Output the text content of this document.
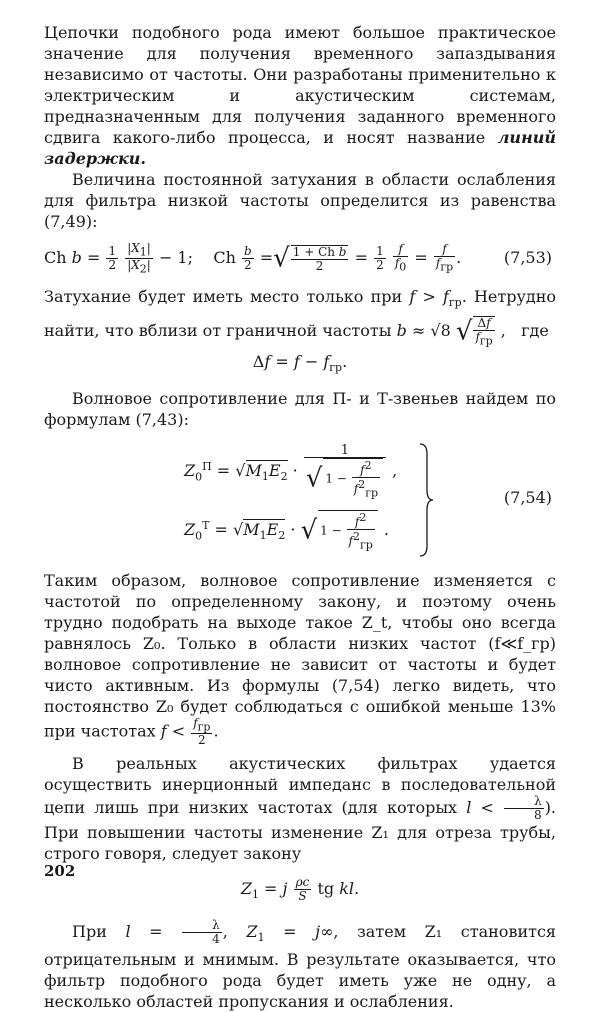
Цепочки подобного рода имеют большое практическое значение для получения временного запаздывания независимо от частоты. Они разработаны применительно к электрическим и акустическим системам, предназначенным для получения заданного временного сдвига какого-либо процесса, и носят название линий задержки.

Величина постоянной затухания в области ослабления для фильтра низкой частоты определится из равенства (7,49):

Ch $b = \frac{1}{2}$
$\frac{|X_1|}{|X_2|} - 1$;    Ch $\frac{b}{2}$ =√ $\frac{\text{1 + Ch b}}{2} = \frac{1}{2}$
$\frac{f}{f_0} = \frac{f}{f_{гр}}$ .	(7,53)

Затухание будет иметь место только при $f > f_{гр}$. Нетрудно найти, что вблизи от граничной частоты b ≈ √8 √ $\frac{\Delta f}{f_{гр}}$ ,   где

$\Delta f = f - f_{гр}$.

Волновое сопротивление для П- и Т-звеньев найдем по формулам (7,43):

$Z_0^П = √M_1E_2 \cdot \frac{1}{√ 1 - \frac{f^2}{f^2_{гр}}}$ ,
$Z_0^Т = √M_1E_2$ · √ $1 - \frac{f^2}{f^2_{гр}}$ .
(7,54)

Таким образом, волновое сопротивление изменяется с частотой по определенному закону, и поэтому очень трудно подобрать на выходе такое Z_t, чтобы оно всегда равнялось Z₀. Только в области низких частот (f≪f_гр) волновое сопротивление не зависит от частоты и будет чисто активным. Из формулы (7,54) легко видеть, что постоянство Z₀ будет соблюдаться с ошибкой меньше 13% при частотах $f < \frac{f_{гр}}{2}$ .

В реальных акустических фильтрах удается осуществить инерционный импеданс в последовательной цепи лишь при низких частотах (для которых $l < \frac{\lambda}{8}$ ). При повышении частоты изменение Z₁ для отреза трубы, строго говоря, следует закону

$Z_1 = j \frac{\rho c}{S}$ tg kl.

При $l = \frac{\lambda}{4}$ , $Z_1 = j\infty$, затем Z₁ становится отрицательным и мнимым. В результате оказывается, что фильтр подобного рода будет иметь уже не одну, а несколько областей пропускания и ослабления.

202
